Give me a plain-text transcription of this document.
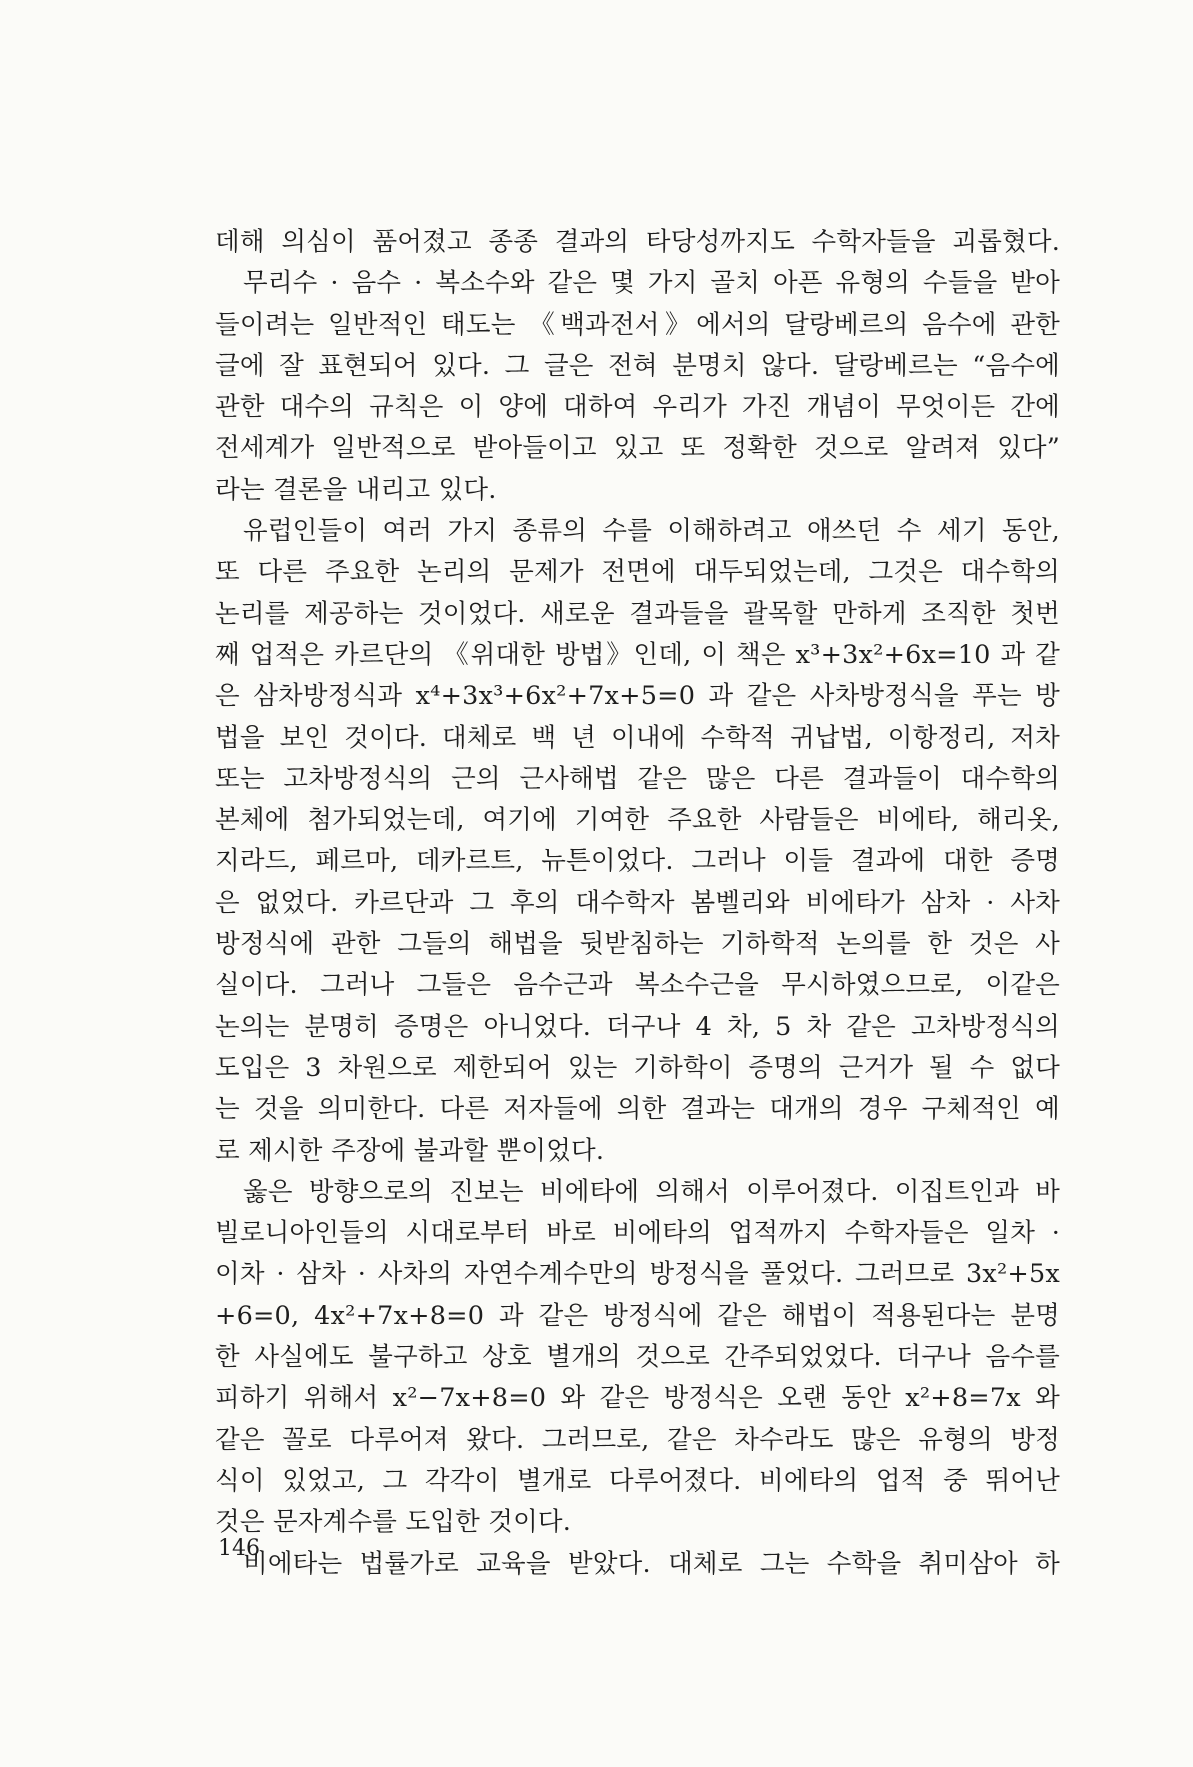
데해 의심이 품어졌고 종종 결과의 타당성까지도 수학자들을 괴롭혔다.
무리수 · 음수 · 복소수와 같은 몇 가지 골치 아픈 유형의 수들을 받아
들이려는 일반적인 태도는 《백과전서》에서의 달랑베르의 음수에 관한
글에 잘 표현되어 있다. 그 글은 전혀 분명치 않다. 달랑베르는 “음수에
관한 대수의 규칙은 이 양에 대하여 우리가 가진 개념이 무엇이든 간에
전세계가 일반적으로 받아들이고 있고 또 정확한 것으로 알려져 있다”
라는 결론을 내리고 있다.
유럽인들이 여러 가지 종류의 수를 이해하려고 애쓰던 수 세기 동안,
또 다른 주요한 논리의 문제가 전면에 대두되었는데, 그것은 대수학의
논리를 제공하는 것이었다. 새로운 결과들을 괄목할 만하게 조직한 첫번
째 업적은 카르단의 《위대한 방법》인데, 이 책은 x³+3x²+6x=10 과 같
은 삼차방정식과 x⁴+3x³+6x²+7x+5=0 과 같은 사차방정식을 푸는 방
법을 보인 것이다. 대체로 백 년 이내에 수학적 귀납법, 이항정리, 저차
또는 고차방정식의 근의 근사해법 같은 많은 다른 결과들이 대수학의
본체에 첨가되었는데, 여기에 기여한 주요한 사람들은 비에타, 해리옷,
지라드, 페르마, 데카르트, 뉴튼이었다. 그러나 이들 결과에 대한 증명
은 없었다. 카르단과 그 후의 대수학자 봄벨리와 비에타가 삼차 · 사차
방정식에 관한 그들의 해법을 뒷받침하는 기하학적 논의를 한 것은 사
실이다. 그러나 그들은 음수근과 복소수근을 무시하였으므로, 이같은
논의는 분명히 증명은 아니었다. 더구나 4 차, 5 차 같은 고차방정식의
도입은 3 차원으로 제한되어 있는 기하학이 증명의 근거가 될 수 없다
는 것을 의미한다. 다른 저자들에 의한 결과는 대개의 경우 구체적인 예
로 제시한 주장에 불과할 뿐이었다.
옳은 방향으로의 진보는 비에타에 의해서 이루어졌다. 이집트인과 바
빌로니아인들의 시대로부터 바로 비에타의 업적까지 수학자들은 일차 ·
이차 · 삼차 · 사차의 자연수계수만의 방정식을 풀었다. 그러므로 3x²+5x
+6=0, 4x²+7x+8=0 과 같은 방정식에 같은 해법이 적용된다는 분명
한 사실에도 불구하고 상호 별개의 것으로 간주되었었다. 더구나 음수를
피하기 위해서 x²−7x+8=0 와 같은 방정식은 오랜 동안 x²+8=7x 와
같은 꼴로 다루어져 왔다. 그러므로, 같은 차수라도 많은 유형의 방정
식이 있었고, 그 각각이 별개로 다루어졌다. 비에타의 업적 중 뛰어난
것은 문자계수를 도입한 것이다.
비에타는 법률가로 교육을 받았다. 대체로 그는 수학을 취미삼아 하
146
